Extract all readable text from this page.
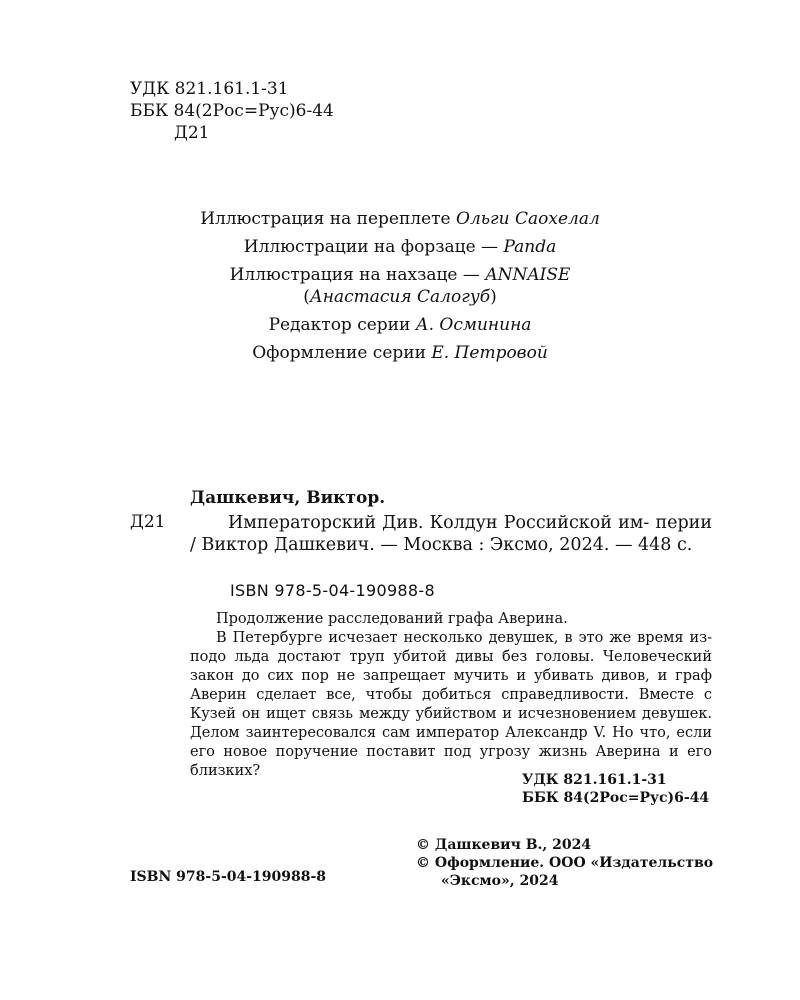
УДК 821.161.1-31
ББК 84(2Рос=Рус)6-44
Д21

Иллюстрация на переплете Ольги Саохелал

Иллюстрации на форзаце — Panda

Иллюстрация на нахзаце — ANNAISE
(Анастасия Салогуб)

Редактор серии А. Осминина

Оформление серии Е. Петровой

Дашкевич, Виктор.
Д21	Императорский Див. Колдун Российской им- перии / Виктор Дашкевич. — Москва : Эксмо, 2024. — 448 с.
ISBN 978-5-04-190988-8

Продолжение расследований графа Аверина.

В Петербурге исчезает несколько девушек, в это же время из-подо льда достают труп убитой дивы без головы. Человеческий закон до сих пор не запрещает мучить и убивать дивов, и граф Аверин сделает все, чтобы добиться справедливости. Вместе с Кузей он ищет связь между убийством и исчезновением девушек. Делом заинтересовался сам император Александр V. Но что, если его новое поручение поставит под угрозу жизнь Аверина и его близких?

УДК 821.161.1-31
ББК 84(2Рос=Рус)6-44
© Дашкевич В., 2024
© Оформление. ООО «Издательство
«Эксмо», 2024
ISBN 978-5-04-190988-8
